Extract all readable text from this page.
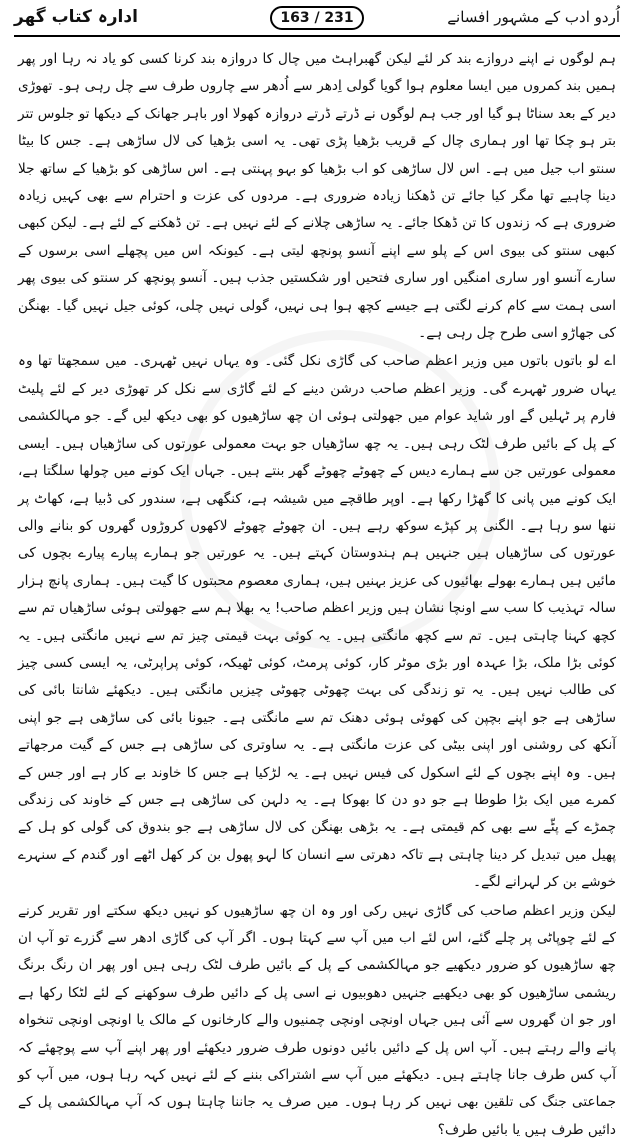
اُردو ادب کے مشہور افسانے
163 / 231
ادارہ کتاب گھر

ہم لوگوں نے اپنے دروازے بند کر لئے لیکن گھبراہٹ میں چال کا دروازہ بند کرنا کسی کو یاد نہ رہا اور پھر ہمیں بند کمروں میں ایسا معلوم ہوا گویا گولی اِدھر سے اُدھر سے چاروں طرف سے چل رہی ہو۔ تھوڑی دیر کے بعد سناٹا ہو گیا اور جب ہم لوگوں نے ڈرتے ڈرتے دروازہ کھولا اور باہر جھانک کے دیکھا تو جلوس تتر بتر ہو چکا تھا اور ہماری چال کے قریب بڑھیا پڑی تھی۔ یہ اسی بڑھیا کی لال ساڑھی ہے۔ جس کا بیٹا سنتو اب جیل میں ہے۔ اس لال ساڑھی کو اب بڑھیا کو بہو پہنتی ہے۔ اس ساڑھی کو بڑھیا کے ساتھ جلا دینا چاہیے تھا مگر کیا جائے تن ڈھکنا زیادہ ضروری ہے۔ مردوں کی عزت و احترام سے بھی کہیں زیادہ ضروری ہے کہ زندوں کا تن ڈھکا جائے۔ یہ ساڑھی چلانے کے لئے نہیں ہے۔ تن ڈھکنے کے لئے ہے۔ لیکن کبھی کبھی سنتو کی بیوی اس کے پلو سے اپنے آنسو پونچھ لیتی ہے۔ کیونکہ اس میں پچھلے اسی برسوں کے سارے آنسو اور ساری امنگیں اور ساری فتحیں اور شکستیں جذب ہیں۔ آنسو پونچھ کر سنتو کی بیوی پھر اسی ہمت سے کام کرنے لگتی ہے جیسے کچھ ہوا ہی نہیں، گولی نہیں چلی، کوئی جیل نہیں گیا۔ بھنگن کی جھاڑو اسی طرح چل رہی ہے۔

اے لو باتوں باتوں میں وزیر اعظم صاحب کی گاڑی نکل گئی۔ وہ یہاں نہیں ٹھہری۔ میں سمجھتا تھا وہ یہاں ضرور ٹھہرے گی۔ وزیر اعظم صاحب درشن دینے کے لئے گاڑی سے نکل کر تھوڑی دیر کے لئے پلیٹ فارم پر ٹہلیں گے اور شاید عوام میں جھولتی ہوئی ان چھ ساڑھیوں کو بھی دیکھ لیں گے۔ جو مہالکشمی کے پل کے بائیں طرف لٹک رہی ہیں۔ یہ چھ ساڑھیاں جو بہت معمولی عورتوں کی ساڑھیاں ہیں۔ ایسی معمولی عورتیں جن سے ہمارے دیس کے چھوٹے چھوٹے گھر بنتے ہیں۔ جہاں ایک کونے میں چولھا سلگتا ہے، ایک کونے میں پانی کا گھڑا رکھا ہے۔ اوپر طاقچے میں شیشہ ہے، کنگھی ہے، سندور کی ڈبیا ہے، کھاٹ پر ننھا سو رہا ہے۔ الگنی پر کپڑے سوکھ رہے ہیں۔ ان چھوٹے چھوٹے لاکھوں کروڑوں گھروں کو بنانے والی عورتوں کی ساڑھیاں ہیں جنہیں ہم ہندوستان کہتے ہیں۔ یہ عورتیں جو ہمارے پیارے پیارے بچوں کی مائیں ہیں ہمارے بھولے بھائیوں کی عزیز بہنیں ہیں، ہماری معصوم محبتوں کا گیت ہیں۔ ہماری پانچ ہزار سالہ تہذیب کا سب سے اونچا نشان ہیں وزیر اعظم صاحب! یہ بھلا ہم سے جھولتی ہوئی ساڑھیاں تم سے کچھ کہنا چاہتی ہیں۔ تم سے کچھ مانگتی ہیں۔ یہ کوئی بہت قیمتی چیز تم سے نہیں مانگتی ہیں۔ یہ کوئی بڑا ملک، بڑا عہدہ اور بڑی موٹر کار، کوئی پرمٹ، کوئی ٹھیکہ، کوئی پراپرٹی، یہ ایسی کسی چیز کی طالب نہیں ہیں۔ یہ تو زندگی کی بہت چھوٹی چھوٹی چیزیں مانگتی ہیں۔ دیکھئے شانتا بائی کی ساڑھی ہے جو اپنے بچپن کی کھوئی ہوئی دھنک تم سے مانگتی ہے۔ جیونا بائی کی ساڑھی ہے جو اپنی آنکھ کی روشنی اور اپنی بیٹی کی عزت مانگتی ہے۔ یہ ساوتری کی ساڑھی ہے جس کے گیت مرجھاتے ہیں۔ وہ اپنے بچوں کے لئے اسکول کی فیس نہیں ہے۔ یہ لڑکیا ہے جس کا خاوند بے کار ہے اور جس کے کمرے میں ایک بڑا طوطا ہے جو دو دن کا بھوکا ہے۔ یہ دلہن کی ساڑھی ہے جس کے خاوند کی زندگی چمڑے کے پٹّے سے بھی کم قیمتی ہے۔ یہ بڑھی بھنگن کی لال ساڑھی ہے جو بندوق کی گولی کو ہل کے پھیل میں تبدیل کر دینا چاہتی ہے تاکہ دھرتی سے انسان کا لہو پھول بن کر کھل اٹھے اور گندم کے سنہرے خوشے بن کر لہرانے لگے۔

لیکن وزیر اعظم صاحب کی گاڑی نہیں رکی اور وہ ان چھ ساڑھیوں کو نہیں دیکھ سکتے اور تقریر کرنے کے لئے چوپاٹی پر چلے گئے، اس لئے اب میں آپ سے کہتا ہوں۔ اگر آپ کی گاڑی ادھر سے گزرے تو آپ ان چھ ساڑھیوں کو ضرور دیکھیے جو مہالکشمی کے پل کے بائیں طرف لٹک رہی ہیں اور پھر ان رنگ برنگ ریشمی ساڑھیوں کو بھی دیکھیے جنہیں دھوبیوں نے اسی پل کے دائیں طرف سوکھنے کے لئے لٹکا رکھا ہے اور جو ان گھروں سے آئی ہیں جہاں اونچی اونچی چمنیوں والے کارخانوں کے مالک یا اونچی اونچی تنخواہ پانے والے رہتے ہیں۔ آپ اس پل کے دائیں بائیں دونوں طرف ضرور دیکھئے اور پھر اپنے آپ سے پوچھئے کہ آپ کس طرف جانا چاہتے ہیں۔ دیکھئے میں آپ سے اشتراکی بننے کے لئے نہیں کہہ رہا ہوں، میں آپ کو جماعتی جنگ کی تلقین بھی نہیں کر رہا ہوں۔ میں صرف یہ جاننا چاہتا ہوں کہ آپ مہالکشمی پل کے دائیں طرف ہیں یا بائیں طرف؟
